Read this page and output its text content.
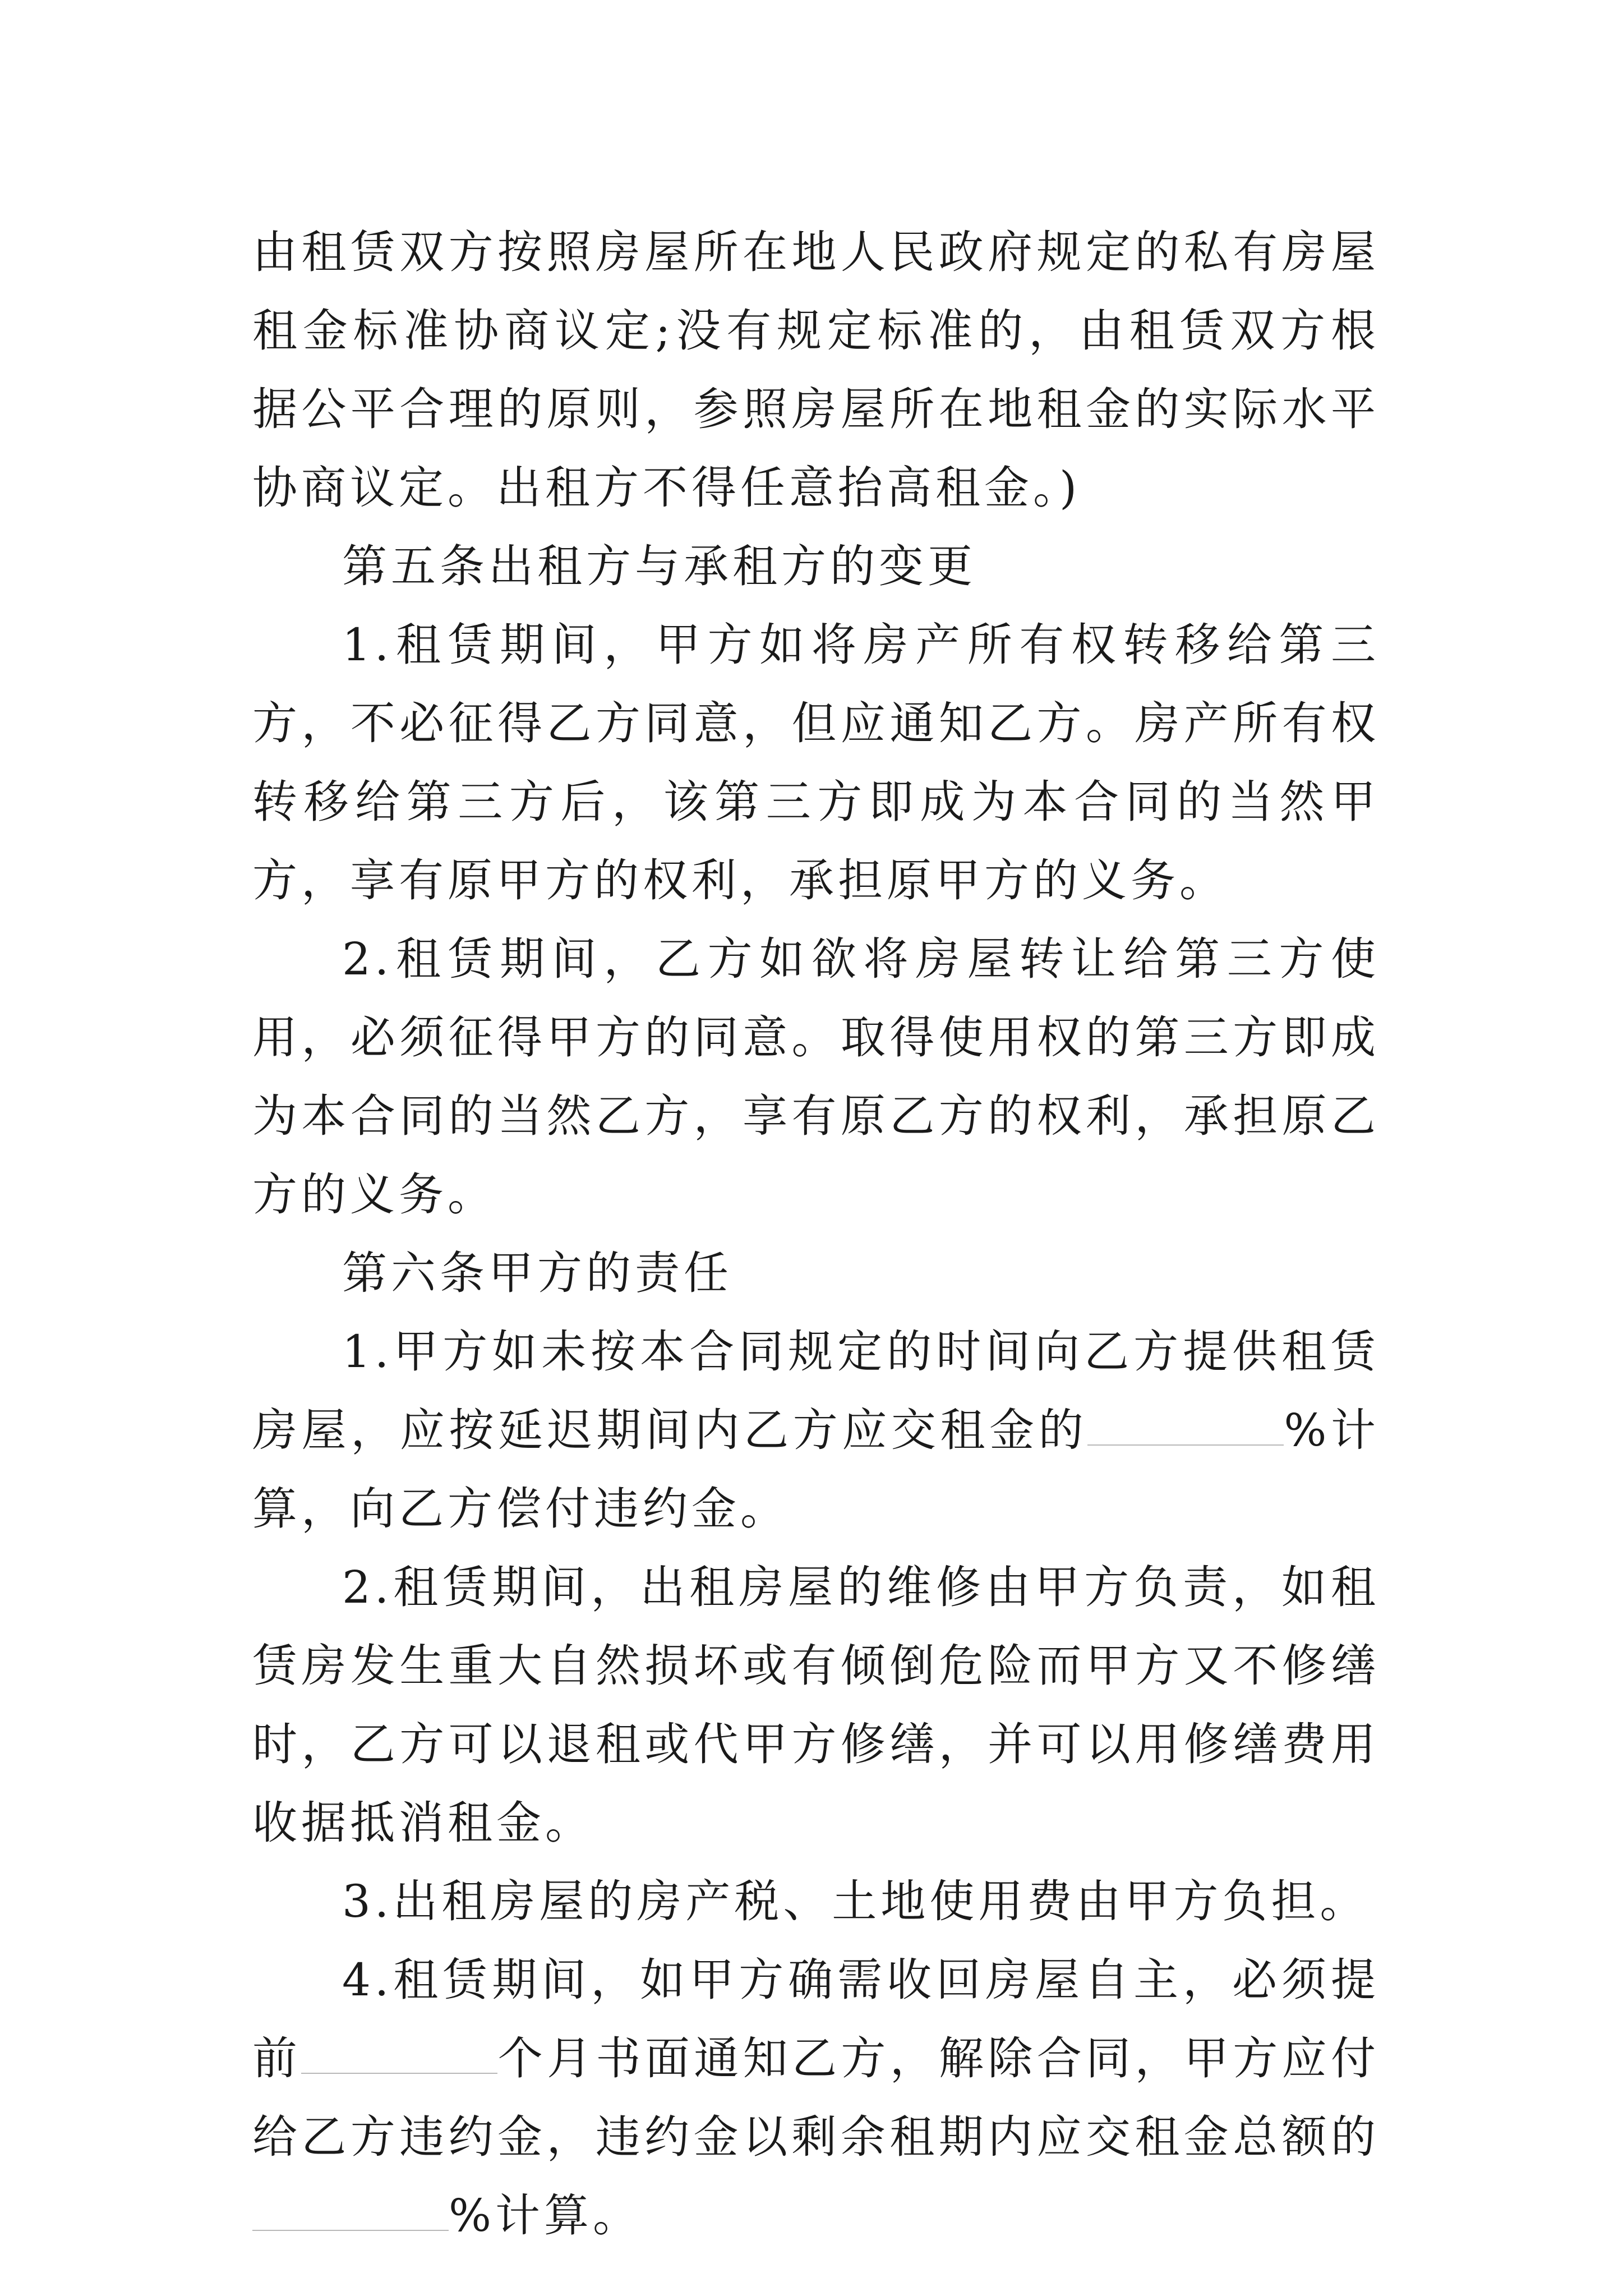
由租赁双方按照房屋所在地人民政府规定的私有房屋租金标准协商议定;没有规定标准的，由租赁双方根据公平合理的原则，参照房屋所在地租金的实际水平协商议定。出租方不得任意抬高租金。)

第五条出租方与承租方的变更

1.租赁期间，甲方如将房产所有权转移给第三方，不必征得乙方同意，但应通知乙方。房产所有权转移给第三方后，该第三方即成为本合同的当然甲方，享有原甲方的权利，承担原甲方的义务。

2.租赁期间，乙方如欲将房屋转让给第三方使用，必须征得甲方的同意。取得使用权的第三方即成为本合同的当然乙方，享有原乙方的权利，承担原乙方的义务。

第六条甲方的责任

1.甲方如未按本合同规定的时间向乙方提供租赁房屋，应按延迟期间内乙方应交租金的	%计算，向乙方偿付违约金。

2.租赁期间，出租房屋的维修由甲方负责，如租赁房发生重大自然损坏或有倾倒危险而甲方又不修缮时，乙方可以退租或代甲方修缮，并可以用修缮费用收据抵消租金。

3.出租房屋的房产税、土地使用费由甲方负担。

4.租赁期间，如甲方确需收回房屋自主，必须提前	个月书面通知乙方，解除合同，甲方应付给乙方违约金，违约金以剩余租期内应交租金总额的%计算。
